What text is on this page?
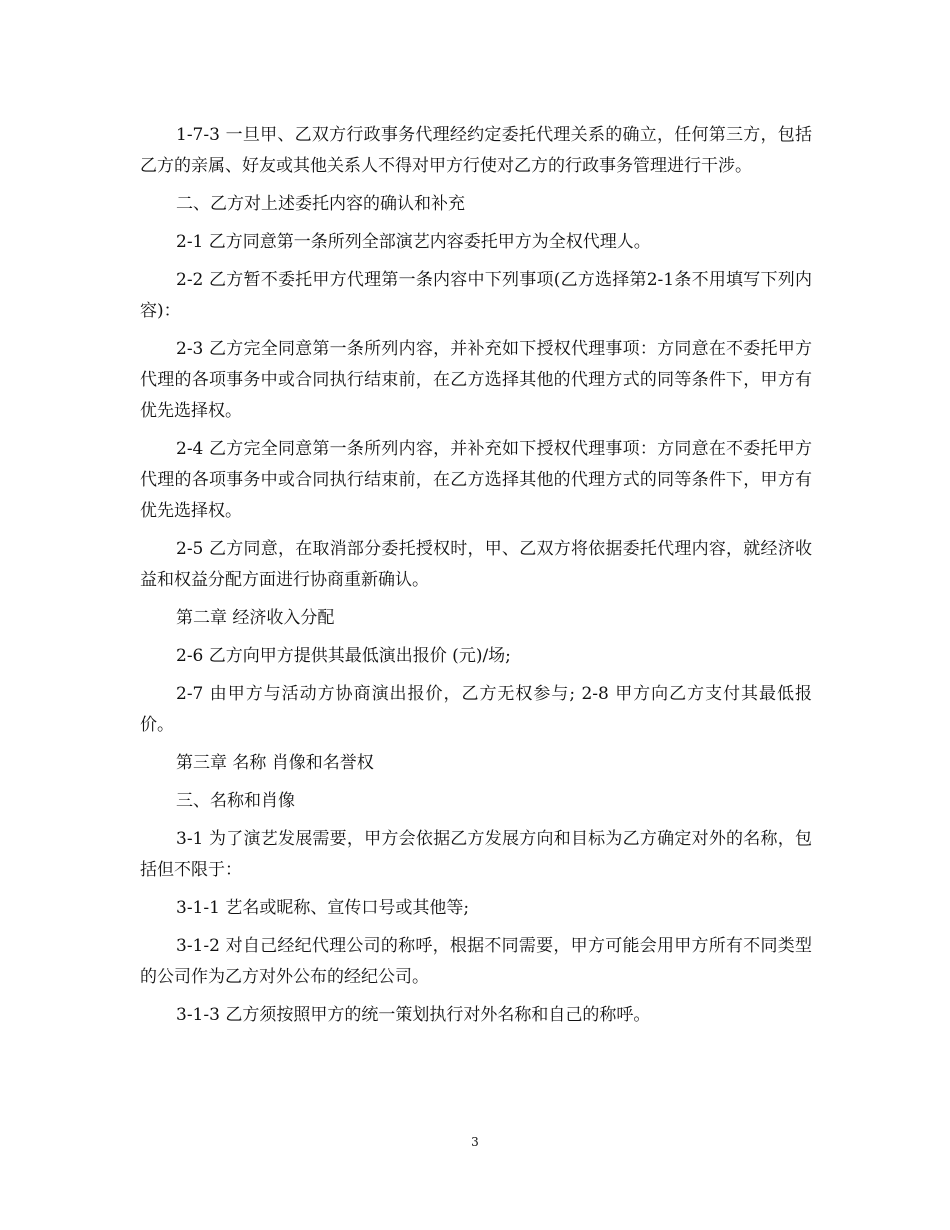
1-7-3 一旦甲、乙双方行政事务代理经约定委托代理关系的确立，任何第三方，包括乙方的亲属、好友或其他关系人不得对甲方行使对乙方的行政事务管理进行干涉。

二、乙方对上述委托内容的确认和补充

2-1 乙方同意第一条所列全部演艺内容委托甲方为全权代理人。

2-2 乙方暂不委托甲方代理第一条内容中下列事项(乙方选择第2-1条不用填写下列内容)：

2-3 乙方完全同意第一条所列内容，并补充如下授权代理事项：方同意在不委托甲方代理的各项事务中或合同执行结束前，在乙方选择其他的代理方式的同等条件下，甲方有优先选择权。

2-4 乙方完全同意第一条所列内容，并补充如下授权代理事项：方同意在不委托甲方代理的各项事务中或合同执行结束前，在乙方选择其他的代理方式的同等条件下，甲方有优先选择权。

2-5 乙方同意，在取消部分委托授权时，甲、乙双方将依据委托代理内容，就经济收益和权益分配方面进行协商重新确认。

第二章 经济收入分配

2-6 乙方向甲方提供其最低演出报价 (元)/场;

2-7 由甲方与活动方协商演出报价，乙方无权参与; 2-8 甲方向乙方支付其最低报价。

第三章 名称 肖像和名誉权

三、名称和肖像

3-1 为了演艺发展需要，甲方会依据乙方发展方向和目标为乙方确定对外的名称，包括但不限于：

3-1-1 艺名或昵称、宣传口号或其他等;

3-1-2 对自己经纪代理公司的称呼，根据不同需要，甲方可能会用甲方所有不同类型的公司作为乙方对外公布的经纪公司。

3-1-3 乙方须按照甲方的统一策划执行对外名称和自己的称呼。

3
